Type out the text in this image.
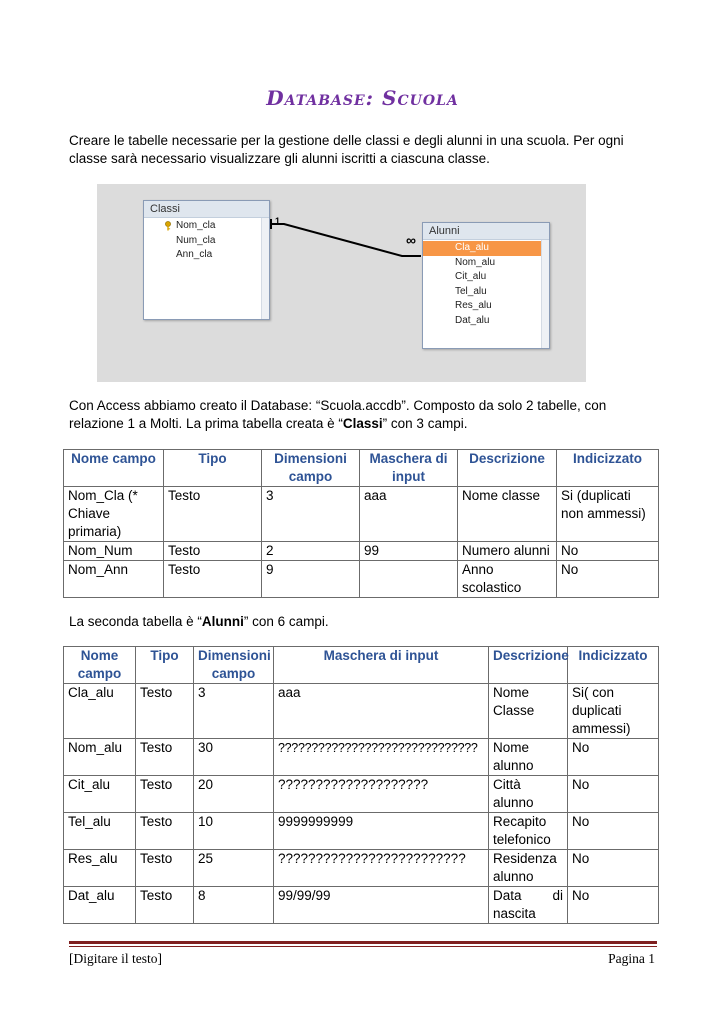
Database: Scuola
Creare le tabelle necessarie per la gestione delle classi e degli alunni in una scuola. Per ogni classe sarà necessario visualizzare gli alunni iscritti a ciascuna classe.
1
∞
Classi
Nom_cla
Num_cla
Ann_cla
Alunni
Cla_alu
Nom_alu
Cit_alu
Tel_alu
Res_alu
Dat_alu
Con Access abbiamo creato il Database: “Scuola.accdb”. Composto da solo 2 tabelle, con relazione 1 a Molti. La prima tabella creata è “Classi” con 3 campi.
Nome campo	Tipo	Dimensioni campo	Maschera di input	Descrizione	Indicizzato
Nom_Cla (* Chiave primaria)	Testo	3	aaa	Nome classe	Si (duplicati non ammessi)
Nom_Num	Testo	2	99	Numero alunni	No
Nom_Ann	Testo	9		Anno scolastico	No
La seconda tabella è “Alunni” con 6 campi.
Nome campo	Tipo	Dimensioni campo	Maschera di input	Descrizione	Indicizzato
Cla_alu	Testo	3	aaa	Nome Classe	Si( con duplicati ammessi)
Nom_alu	Testo	30	??????????????????????????????	Nome alunno	No
Cit_alu	Testo	20	????????????????????	Città alunno	No
Tel_alu	Testo	10	9999999999	Recapito telefonico	No
Res_alu	Testo	25	?????????????????????????	Residenza alunno	No
Dat_alu	Testo	8	99/99/99	Data di nascita	No
[Digitare il testo]	Pagina 1
